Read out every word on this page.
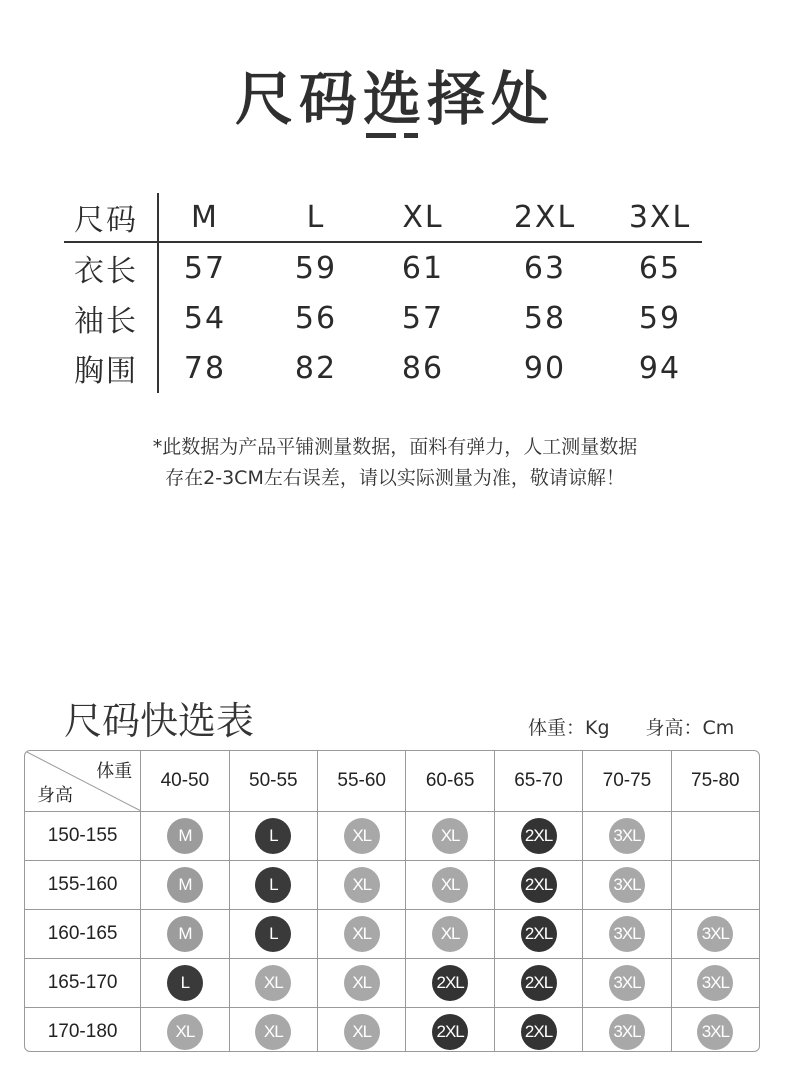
尺码选择处
尺码	M	L	XL	2XL	3XL
衣长	57	59	61	63	65
袖长	54	56	57	58	59
胸围	78	82	86	90	94
*此数据为产品平铺测量数据，面料有弹力，人工测量数据
存在2-3CM左右误差，请以实际测量为准，敬请谅解！
尺码快选表	体重：Kg 身高：Cm
体重
身高
40-50	50-55	55-60	60-65	65-70	70-75	75-80
150-155	M	L	XL	XL	2XL	3XL
155-160	M	L	XL	XL	2XL	3XL
160-165	M	L	XL	XL	2XL	3XL	3XL
165-170	L	XL	XL	2XL	2XL	3XL	3XL
170-180	XL	XL	XL	2XL	2XL	3XL	3XL
